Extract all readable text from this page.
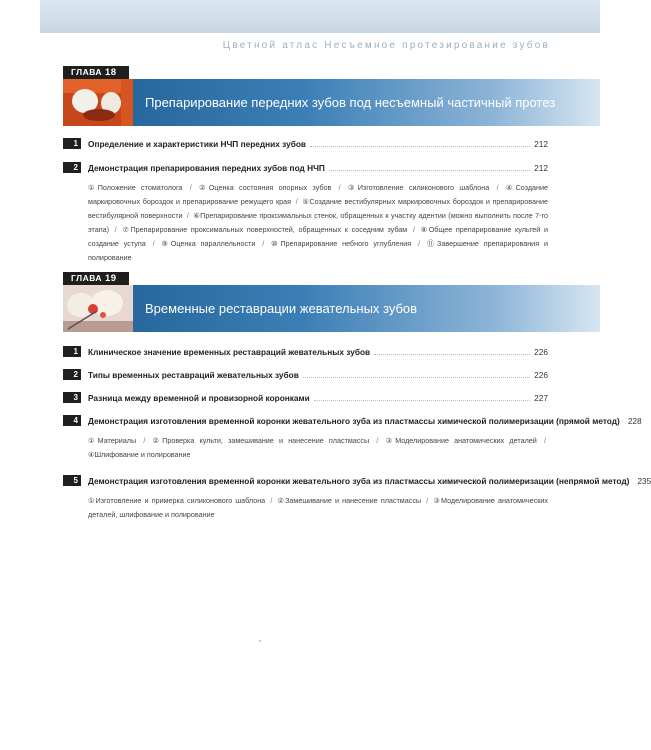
Цветной атлас Несъемное протезирование зубов
ГЛАВА 18
Препарирование передних зубов под несъемный частичный протез
1	Определение и характеристики НЧП передних зубов	212
2	Демонстрация препарирования передних зубов под НЧП	212
①Положение стоматолога / ②Оценка состояния опорных зубов / ③Изготовление силиконового шаблона / ④Создание маркировочных бороздок и препарирование режущего края / ⑤Создание вестибулярных маркировочных бороздок и препарирование вестибулярной поверхности / ⑥Препарирование проксимальных стенок, обращенных к участку адентии (можно выполнить после 7-го этапа) / ⑦Препарирование проксимальных поверхностей, обращенных к соседним зубам / ⑧Общее препарирование культей и создание уступа / ⑨Оценка параллельности / ⑩Препарирование небного углубления / ⑪Завершение препарирования и полирование
ГЛАВА 19
Временные реставрации жевательных зубов
1	Клиническое значение временных реставраций жевательных зубов	226
2	Типы временных реставраций жевательных зубов	226
3	Разница между временной и провизорной коронками	227
4	Демонстрация изготовления временной коронки жевательного зуба из пластмассы химической полимеризации (прямой метод) 228
①Материалы / ②Проверка культи, замешивание и нанесение пластмассы / ③Моделирование анатомических деталей / ④Шлифование и полирование
5	Демонстрация изготовления временной коронки жевательного зуба из пластмассы химической полимеризации (непрямой метод) 235
①Изготовление и примерка силиконового шаблона / ②Замешивание и нанесение пластмассы / ③Моделирование анатомических деталей, шлифование и полирование
